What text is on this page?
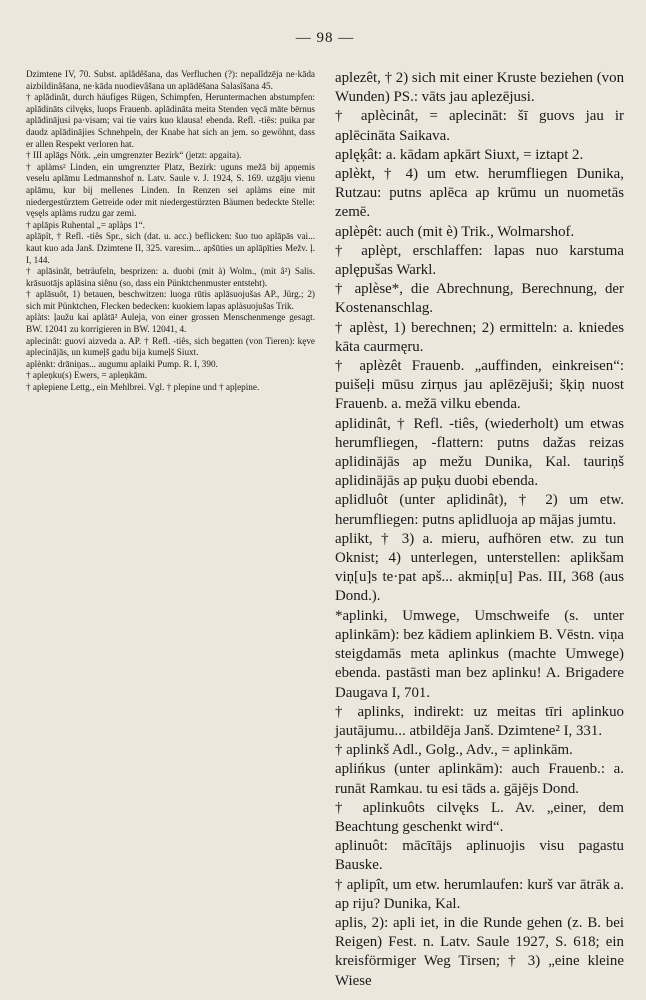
— 98 —

Dzimtene IV, 70. Subst. aplâdêšana, das Verfluchen (?): nepalîdzēja ne·kāda aizbildinâšana, ne·kāda nuodievâšana un aplādēšana Salasîšana 45.

† aplādinât, durch häufiges Rügen, Schimpfen, Heruntermachen abstumpfen: aplādināts cilvęks, luops Frauenb. aplādināta meita Stenden vęcā māte bērnus aplādinājusi pa·visam; vai tie vairs kuo klausa! ebenda. Refl. -tiês: puika par daudz aplādinājies Schnehpeln, der Knabe hat sich an jem. so gewöhnt, dass er allen Respekt verloren hat.

† III aplāgs Nötk. „ein umgrenzter Bezirk“ (jetzt: apgaita).

† aplàms² Linden, ein umgrenzter Platz, Bezirk: uguns mežā bij apņemis veselu aplāmu Ledmannshof n. Latv. Saule v. J. 1924, S. 169. uzgāju vienu aplāmu, kur bij mellenes Linden. In Renzen sei aplàms eine mit niedergestürztem Getreide oder mit niedergestürzten Bäumen bedeckte Stelle: vęsęls aplàms rudzu gar zemi.

† aplāpis Ruhental „= aplàps 1“.

aplāpît, † Refl. -tiês Spr., sich (dat. u. acc.) beflicken: šuo tuo aplāpās vai... kaut kuo ada Janš. Dzimtene II, 325. varesim... apšūties un aplāpīties Mežv. ļ. I, 144.

† aplāsinât, beträufeln, besprizen: a. duobi (mit à) Wolm., (mit â²) Salis. krāsuotājs aplāsina siênu (so, dass ein Pünktchenmuster entsteht).

† aplāsuôt, 1) betauen, beschwitzen: luoga rūtis aplāsuojušas AP., Jürg.; 2) sich mit Pünktchen, Flecken bedecken: kuokiem lapas aplàsuojušas Trik.

aplàts: ļaužu kai aplàtā² Auleja, von einer grossen Menschenmenge gesagt. BW. 12041 zu korrigieren in BW. 12041, 4.

aplecinât: guovi aizveda a. AP. † Refl. -tiês, sich begatten (von Tieren): kęve aplecinājās, un kumeļš gadu bija kumeļš Siuxt.

aplènkt: drāniņas... augumu aplaiki Pump. R. I, 390.

† apleņku(s) Ewers, = apleņkām.

† aplepiene Lettg., ein Mehlbrei. Vgl. † plepine und † apļepine.

aplezêt, † 2) sich mit einer Kruste beziehen (von Wunden) PS.: vāts jau aplezējusi.

† aplècinât, = aplecināt: šī guovs jau ir aplēcināta Saikava.

aplęķât: a. kādam apkārt Siuxt, = iztapt 2.

aplèkt, † 4) um etw. herumfliegen Dunika, Rutzau: putns aplēca ap krūmu un nuometās zemē.

aplèpêt: auch (mit è) Trik., Wolmarshof.

† aplèpt, erschlaffen: lapas nuo karstuma aplępušas Warkl.

† aplèse*, die Abrechnung, Berechnung, der Kostenanschlag.

† aplèst, 1) berechnen; 2) ermitteln: a. kniedes kāta caurmęru.

† aplèzêt Frauenb. „auffinden, einkreisen“: puišeļi mūsu zirņus jau aplēzējuši; šķiņ nuost Frauenb. a. mežā vilku ebenda.

aplidinât, † Refl. -tiês, (wiederholt) um etwas herumfliegen, -flattern: putns dažas reizas aplidinājās ap mežu Dunika, Kal. tauriņš aplidinājās ap puķu duobi ebenda.

aplidluôt (unter aplidinât), † 2) um etw. herumfliegen: putns aplidluoja ap mājas jumtu.

aplikt, † 3) a. mieru, aufhören etw. zu tun Oknist; 4) unterlegen, unterstellen: aplikšam viņ[u]s te·pat apš... akmiņ[u] Pas. III, 368 (aus Dond.).

*aplinki, Umwege, Umschweife (s. unter aplinkām): bez kādiem aplinkiem B. Vēstn. viņa steigdamās meta aplinkus (machte Umwege) ebenda. pastāsti man bez aplinku! A. Brigadere Daugava I, 701.

† aplinks, indirekt: uz meitas tīri aplinkuo jautājumu... atbildēja Janš. Dzimtene² I, 331.

† aplinkš Adl., Golg., Adv., = aplinkām.

aplińkus (unter aplinkām): auch Frauenb.: a. runāt Ramkau. tu esi tāds a. gājējs Dond.

† aplinkuôts cilvęks L. Av. „einer, dem Beachtung geschenkt wird“.

aplinuôt: mācītājs aplinuojis visu pagastu Bauske.

† aplipît, um etw. herumlaufen: kurš var ātrāk a. ap riju? Dunika, Kal.

aplis, 2): apli iet, in die Runde gehen (z. B. bei Reigen) Fest. n. Latv. Saule 1927, S. 618; ein kreisförmiger Weg Tirsen; † 3) „eine kleine Wiese
